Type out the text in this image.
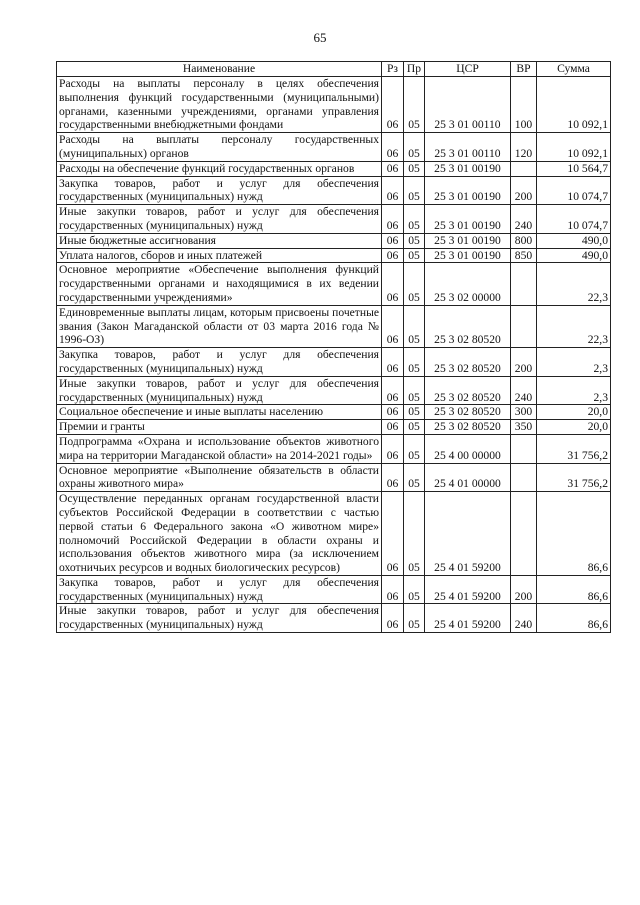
65
Наименование	Рз	Пр	ЦСР	ВР	Сумма
Расходы на выплаты персоналу в целях обеспечения выполнения функций государственными (муниципальными) органами, казенными учреждениями, органами управления государственными внебюджетными фондами	06	05	25 3 01 00110	100	10 092,1
Расходы на выплаты персоналу государственных (муниципальных) органов	06	05	25 3 01 00110	120	10 092,1
Расходы на обеспечение функций государственных органов	06	05	25 3 01 00190		10 564,7
Закупка товаров, работ и услуг для обеспечения государственных (муниципальных) нужд	06	05	25 3 01 00190	200	10 074,7
Иные закупки товаров, работ и услуг для обеспечения государственных (муниципальных) нужд	06	05	25 3 01 00190	240	10 074,7
Иные бюджетные ассигнования	06	05	25 3 01 00190	800	490,0
Уплата налогов, сборов и иных платежей	06	05	25 3 01 00190	850	490,0
Основное мероприятие «Обеспечение выполнения функций государственными органами и находящимися в их ведении государственными учреждениями»	06	05	25 3 02 00000		22,3
Единовременные выплаты лицам, которым присвоены почетные звания (Закон Магаданской области от 03 марта 2016 года № 1996-ОЗ)	06	05	25 3 02 80520		22,3
Закупка товаров, работ и услуг для обеспечения государственных (муниципальных) нужд	06	05	25 3 02 80520	200	2,3
Иные закупки товаров, работ и услуг для обеспечения государственных (муниципальных) нужд	06	05	25 3 02 80520	240	2,3
Социальное обеспечение и иные выплаты населению	06	05	25 3 02 80520	300	20,0
Премии и гранты	06	05	25 3 02 80520	350	20,0
Подпрограмма «Охрана и использование объектов животного мира на территории Магаданской области» на 2014-2021 годы»	06	05	25 4 00 00000		31 756,2
Основное мероприятие «Выполнение обязательств в области охраны животного мира»	06	05	25 4 01 00000		31 756,2
Осуществление переданных органам государственной власти субъектов Российской Федерации в соответствии с частью первой статьи 6 Федерального закона «О животном мире» полномочий Российской Федерации в области охраны и использования объектов животного мира (за исключением охотничьих ресурсов и водных биологических ресурсов)	06	05	25 4 01 59200		86,6
Закупка товаров, работ и услуг для обеспечения государственных (муниципальных) нужд	06	05	25 4 01 59200	200	86,6
Иные закупки товаров, работ и услуг для обеспечения государственных (муниципальных) нужд	06	05	25 4 01 59200	240	86,6
